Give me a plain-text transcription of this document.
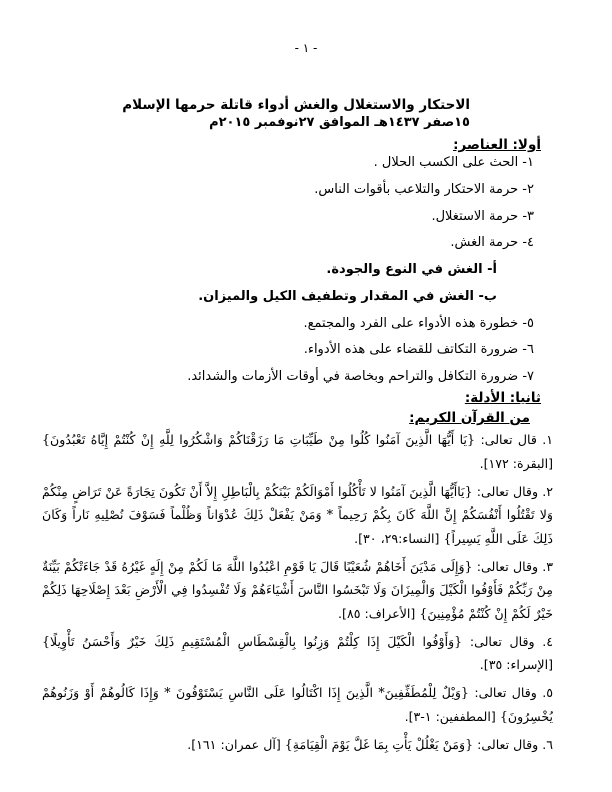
- ١ -
الاحتكار والاستغلال والغش أدواء قاتلة حرمها الإسلام
١٥صفر ١٤٣٧هـ الموافق ٢٧نوفمبر ٢٠١٥م
أولا: العناصر:
١- الحث على الكسب الحلال .
٢- حرمة الاحتكار والتلاعب بأقوات الناس.
٣- حرمة الاستغلال.
٤- حرمة الغش.
أ- الغش في النوع والجودة.
ب- الغش في المقدار وتطفيف الكيل والميزان.
٥- خطورة هذه الأدواء على الفرد والمجتمع.
٦- ضرورة التكاتف للقضاء على هذه الأدواء.
٧- ضرورة التكافل والتراحم وبخاصة في أوقات الأزمات والشدائد.
ثانيا: الأدلة:
من القرآن الكريم:

١. قال تعالى: {يَا أَيُّهَا الَّذِينَ آمَنُوا كُلُوا مِنْ طَيِّبَاتِ مَا رَزَقْنَاكُمْ وَاشْكُرُوا لِلَّهِ إِنْ كُنْتُمْ إِيَّاهُ تَعْبُدُونَ} [البقرة: ١٧٢].

٢. وقال تعالى: {يَاأَيُّهَا الَّذِينَ آمَنُوا لا تَأْكُلُوا أَمْوَالَكُمْ بَيْنَكُمْ بِالْبَاطِلِ إِلاَّ أَنْ تَكُونَ تِجَارَةً عَنْ تَرَاضٍ مِنْكُمْ وَلا تَقْتُلُوا أَنْفُسَكُمْ إِنَّ اللَّهَ كَانَ بِكُمْ رَحِيماً * وَمَنْ يَفْعَلْ ذَلِكَ عُدْوَاناً وَظُلْماً فَسَوْفَ نُصْلِيهِ نَاراً وَكَانَ ذَلِكَ عَلَى اللَّهِ يَسِيراً} [النساء:٢٩، ٣٠].

٣. وقال تعالى: {وَإِلَى مَدْيَنَ أَخَاهُمْ شُعَيْبًا قَالَ يَا قَوْمِ اعْبُدُوا اللَّهَ مَا لَكُمْ مِنْ إِلَهٍ غَيْرُهُ قَدْ جَاءَتْكُمْ بَيِّنَةٌ مِنْ رَبِّكُمْ فَأَوْفُوا الْكَيْلَ وَالْمِيزَانَ وَلَا تَبْخَسُوا النَّاسَ أَشْيَاءَهُمْ وَلَا تُفْسِدُوا فِي الْأَرْضِ بَعْدَ إِصْلَاحِهَا ذَلِكُمْ خَيْرٌ لَكُمْ إِنْ كُنْتُمْ مُؤْمِنِينَ} [الأعراف: ٨٥].

٤. وقال تعالى: {وَأَوْفُوا الْكَيْلَ إِذَا كِلْتُمْ وَزِنُوا بِالْقِسْطَاسِ الْمُسْتَقِيمِ ذَلِكَ خَيْرٌ وَأَحْسَنُ تَأْوِيلًا} [الإسراء: ٣٥].

٥. وقال تعالى: {وَيْلٌ لِلْمُطَفِّفِينَ* الَّذِينَ إِذَا اكْتَالُوا عَلَى النَّاسِ يَسْتَوْفُونَ * وَإِذَا كَالُوهُمْ أَوْ وَزَنُوهُمْ يُخْسِرُونَ} [المطففين: ١-٣].

٦. وقال تعالى: {وَمَنْ يَغْلُلْ يَأْتِ بِمَا غَلَّ يَوْمَ الْقِيَامَةِ} [آل عمران: ١٦١].
